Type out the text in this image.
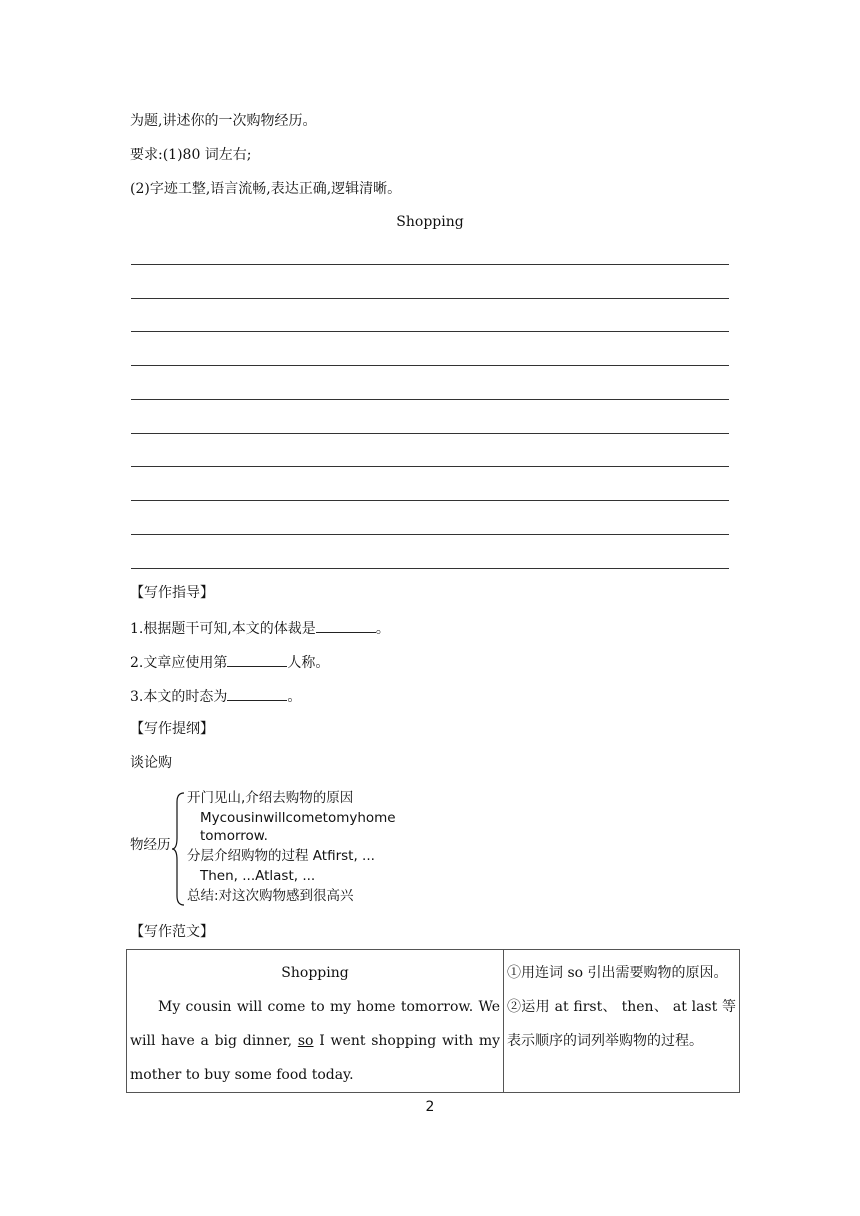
为题,讲述你的一次购物经历。
要求:(1)80 词左右;
(2)字迹工整,语言流畅,表达正确,逻辑清晰。
Shopping
【写作指导】
1.根据题干可知,本文的体裁是	。
2.文章应使用第	人称。
3.本文的时态为	。
【写作提纲】
谈论购
物经历
开门见山,介绍去购物的原因
Mycousinwillcometomyhome
tomorrow.
分层介绍购物的过程 Atfirst, ...
Then, ...Atlast, ...
总结:对这次购物感到很高兴
【写作范文】
Shopping
My cousin will come to my home tomorrow. We will have a big dinner, so I went shopping with my mother to buy some food today.

①用连词 so 引出需要购物的原因。
②运用 at first、 then、 at last 等表示顺序的词列举购物的过程。
2
